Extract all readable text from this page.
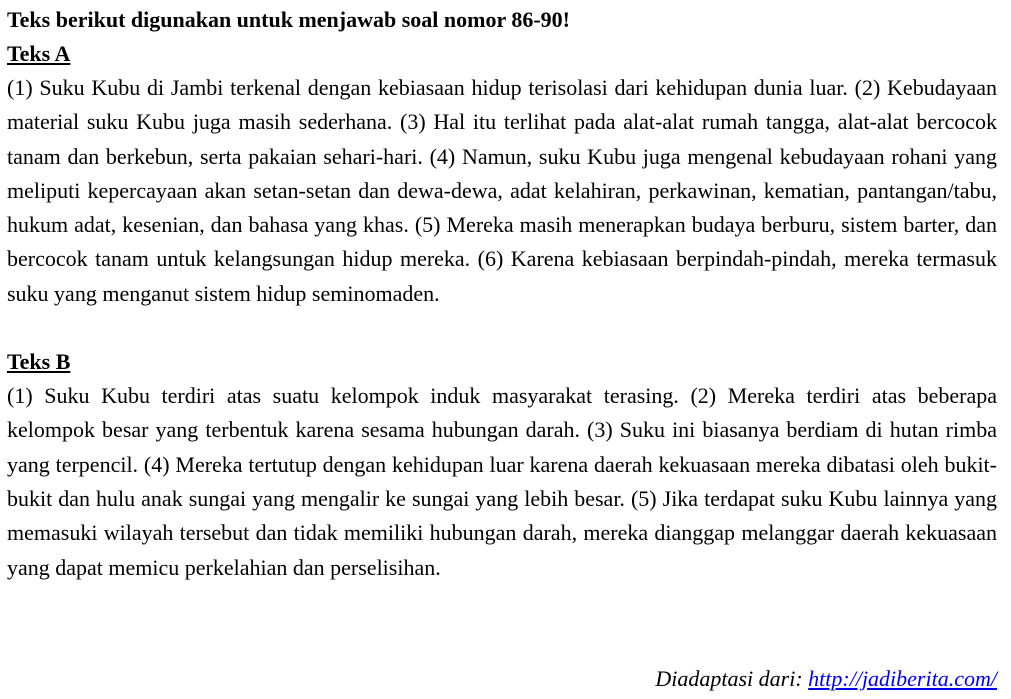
Teks berikut digunakan untuk menjawab soal nomor 86-90!

Teks A

(1) Suku Kubu di Jambi terkenal dengan kebiasaan hidup terisolasi dari kehidupan dunia luar. (2) Kebudayaan material suku Kubu juga masih sederhana. (3) Hal itu terlihat pada alat-alat rumah tangga, alat-alat bercocok tanam dan berkebun, serta pakaian sehari-hari. (4) Namun, suku Kubu juga mengenal kebudayaan rohani yang meliputi kepercayaan akan setan-setan dan dewa-dewa, adat kelahiran, perkawinan, kematian, pantangan/tabu, hukum adat, kesenian, dan bahasa yang khas. (5) Mereka masih menerapkan budaya berburu, sistem barter, dan bercocok tanam untuk kelangsungan hidup mereka. (6) Karena kebiasaan berpindah-pindah, mereka termasuk suku yang menganut sistem hidup seminomaden.

Teks B

(1) Suku Kubu terdiri atas suatu kelompok induk masyarakat terasing. (2) Mereka terdiri atas beberapa kelompok besar yang terbentuk karena sesama hubungan darah. (3) Suku ini biasanya berdiam di hutan rimba yang terpencil. (4) Mereka tertutup dengan kehidupan luar karena daerah kekuasaan mereka dibatasi oleh bukit-bukit dan hulu anak sungai yang mengalir ke sungai yang lebih besar. (5) Jika terdapat suku Kubu lainnya yang memasuki wilayah tersebut dan tidak memiliki hubungan darah, mereka dianggap melanggar daerah kekuasaan yang dapat memicu perkelahian dan perselisihan.

Diadaptasi dari: http://jadiberita.com/
